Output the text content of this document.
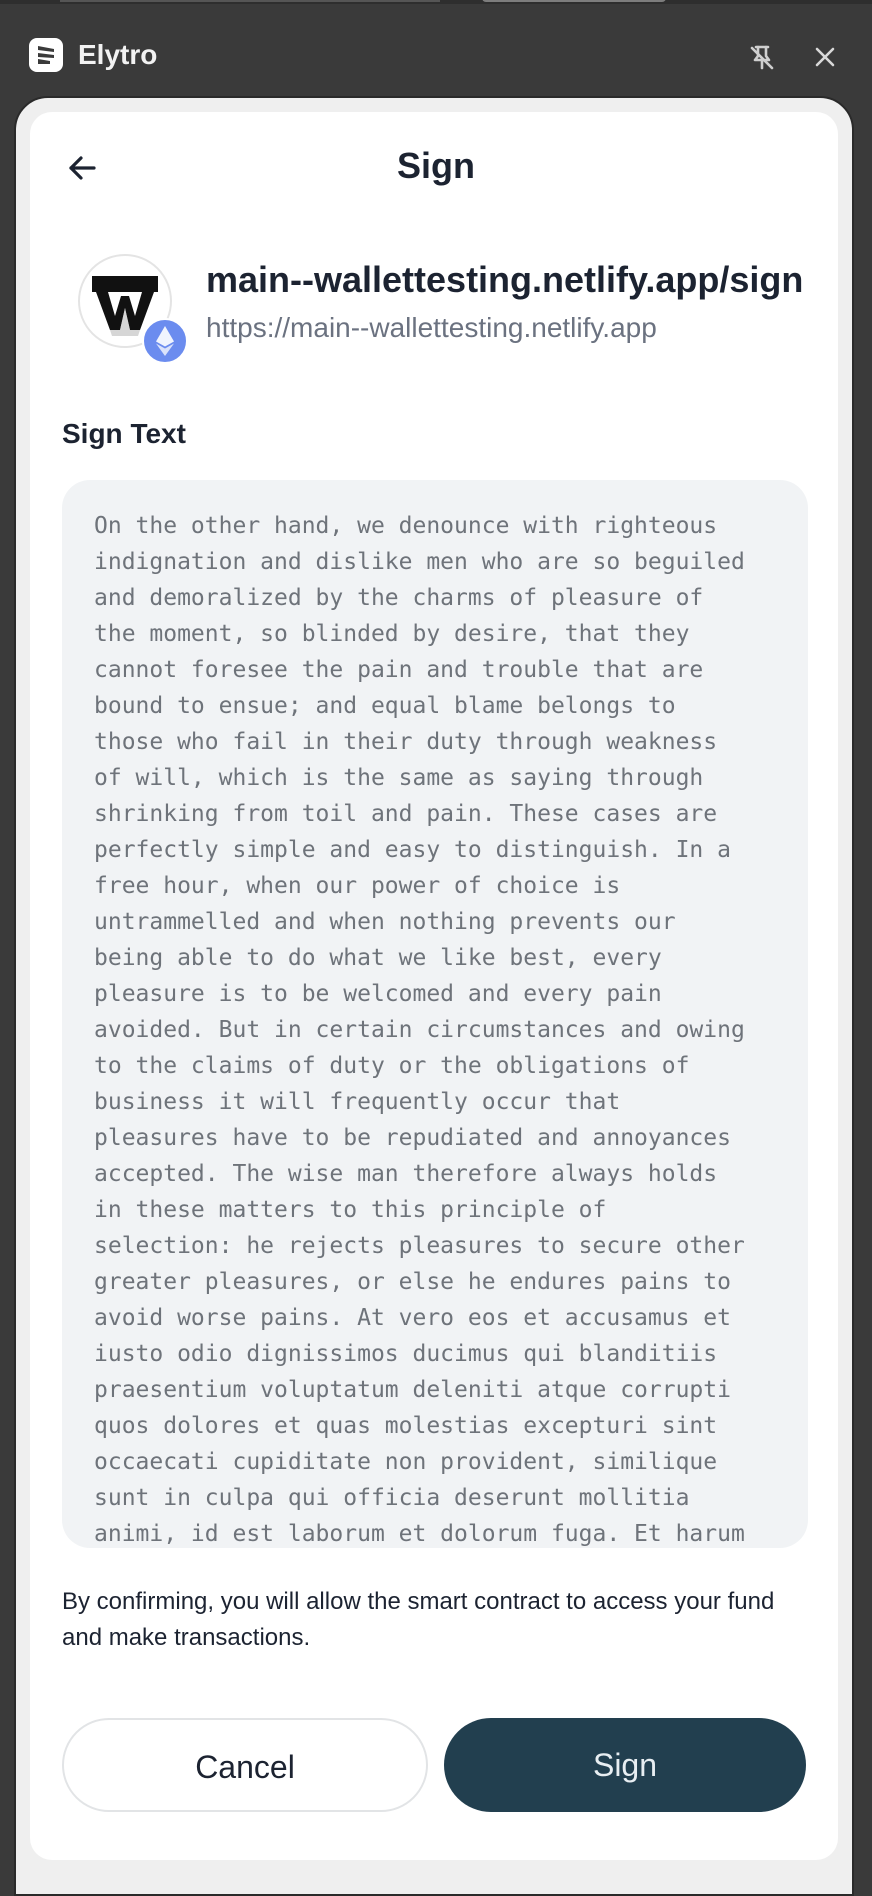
Elytro
Sign
main--wallettesting.netlify.app/sign
https://main--wallettesting.netlify.app
Sign Text
On the other hand, we denounce with righteous
indignation and dislike men who are so beguiled
and demoralized by the charms of pleasure of
the moment, so blinded by desire, that they
cannot foresee the pain and trouble that are
bound to ensue; and equal blame belongs to
those who fail in their duty through weakness
of will, which is the same as saying through
shrinking from toil and pain. These cases are
perfectly simple and easy to distinguish. In a
free hour, when our power of choice is
untrammelled and when nothing prevents our
being able to do what we like best, every
pleasure is to be welcomed and every pain
avoided. But in certain circumstances and owing
to the claims of duty or the obligations of
business it will frequently occur that
pleasures have to be repudiated and annoyances
accepted. The wise man therefore always holds
in these matters to this principle of
selection: he rejects pleasures to secure other
greater pleasures, or else he endures pains to
avoid worse pains. At vero eos et accusamus et
iusto odio dignissimos ducimus qui blanditiis
praesentium voluptatum deleniti atque corrupti
quos dolores et quas molestias excepturi sint
occaecati cupiditate non provident, similique
sunt in culpa qui officia deserunt mollitia
animi, id est laborum et dolorum fuga. Et harum
By confirming, you will allow the smart contract to access your fund and make transactions.
Cancel	Sign
